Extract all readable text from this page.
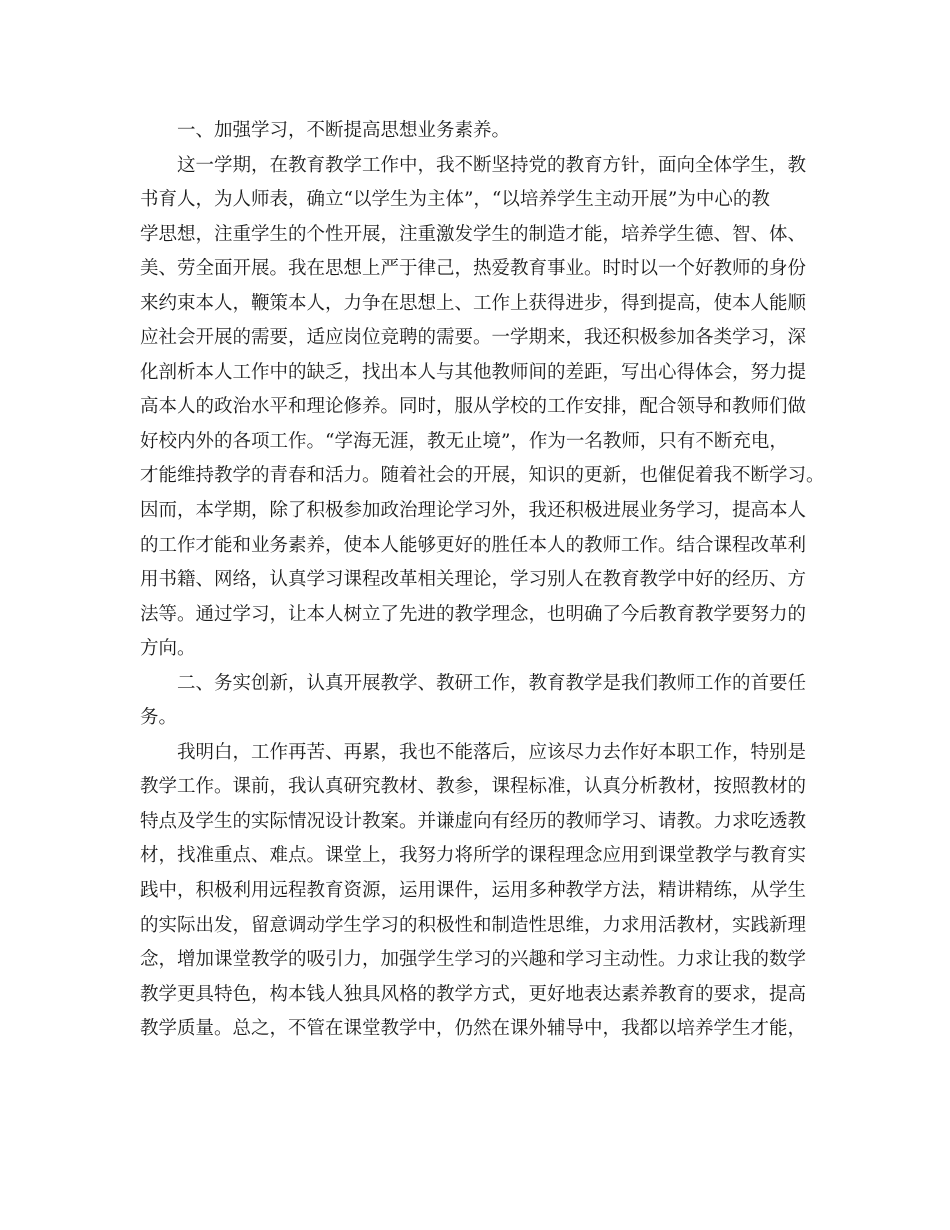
一、加强学习，不断提高思想业务素养。
这一学期，在教育教学工作中，我不断坚持党的教育方针，面向全体学生，教
书育人，为人师表，确立“以学生为主体”，“以培养学生主动开展”为中心的教
学思想，注重学生的个性开展，注重激发学生的制造才能，培养学生德、智、体、
美、劳全面开展。我在思想上严于律己，热爱教育事业。时时以一个好教师的身份
来约束本人，鞭策本人，力争在思想上、工作上获得进步，得到提高，使本人能顺
应社会开展的需要，适应岗位竞聘的需要。一学期来，我还积极参加各类学习，深
化剖析本人工作中的缺乏，找出本人与其他教师间的差距，写出心得体会，努力提
高本人的政治水平和理论修养。同时，服从学校的工作安排，配合领导和教师们做
好校内外的各项工作。“学海无涯，教无止境”，作为一名教师，只有不断充电，
才能维持教学的青春和活力。随着社会的开展，知识的更新，也催促着我不断学习。
因而，本学期，除了积极参加政治理论学习外，我还积极进展业务学习，提高本人
的工作才能和业务素养，使本人能够更好的胜任本人的教师工作。结合课程改革利
用书籍、网络，认真学习课程改革相关理论，学习别人在教育教学中好的经历、方
法等。通过学习，让本人树立了先进的教学理念，也明确了今后教育教学要努力的
方向。
二、务实创新，认真开展教学、教研工作，教育教学是我们教师工作的首要任
务。
我明白，工作再苦、再累，我也不能落后，应该尽力去作好本职工作，特别是
教学工作。课前，我认真研究教材、教参，课程标准，认真分析教材，按照教材的
特点及学生的实际情况设计教案。并谦虚向有经历的教师学习、请教。力求吃透教
材，找准重点、难点。课堂上，我努力将所学的课程理念应用到课堂教学与教育实
践中，积极利用远程教育资源，运用课件，运用多种教学方法，精讲精练，从学生
的实际出发，留意调动学生学习的积极性和制造性思维，力求用活教材，实践新理
念，增加课堂教学的吸引力，加强学生学习的兴趣和学习主动性。力求让我的数学
教学更具特色，构本钱人独具风格的教学方式，更好地表达素养教育的要求，提高
教学质量。总之，不管在课堂教学中，仍然在课外辅导中，我都以培养学生才能，
